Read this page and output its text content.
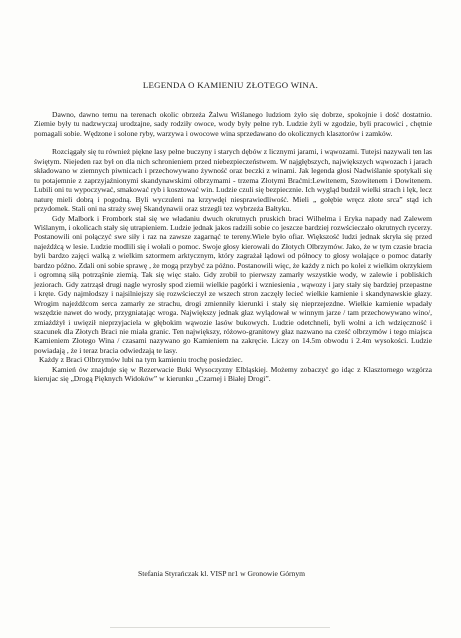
LEGENDA O KAMIENIU ZŁOTEGO WINA.

Dawno, dawno temu na terenach okolic obrzeża Żalwu Wiślanego ludziom żyło się dobrze, spokojnie i dość dostatnio. Ziemie były tu nadzwyczaj urodzajne, sady rodziły owoce, wody były pełne ryb. Ludzie żyli w zgodzie, byli pracowici , chętnie pomagali sobie. Wędzone i solone ryby, warzywa i owocowe wina sprzedawano do okolicznych klasztorów i zamków.

Rozciągały się tu również piękne lasy pełne buczyny i starych dębów z licznymi jarami, i wąwozami. Tutejsi nazywali ten las świętym. Niejeden raz był on dla nich schronieniem przed niebezpieczeństwem. W najgłębszych, największych wąwozach i jarach składowano w ziemnych piwnicach i przechowywano żywność oraz beczki z winami. Jak legenda głosi Nadwiślanie spotykali się tu potajemnie z zaprzyjaźnionymi skandynawskimi olbrzymami - trzema Złotymi Braćmi:Lewitenem, Szowitenem i Dowitenem. Lubili oni tu wypoczywać, smakować ryb i kosztować win. Ludzie czuli się bezpiecznie. Ich wygląd budził wielki strach i lęk, lecz naturę mieli dobrą i pogodną. Byli wyczuleni na krzywdęi niesprawiedliwość. Mieli „ gołębie wręcz złote srca” stąd ich przydomek. Stali oni na straży swej Skandynawii oraz strzegli tez wybrzeża Bałtyku.

Gdy Malbork i Frombork stał się we władaniu dwuch okrutnych pruskich braci Wilhelma i Eryka napady nad Zalewem Wiślanym, i okolicach stały się utrapieniem. Ludzie jednak jakos radzili sobie co jeszcze bardziej rozwścieczało okrutnych rycerzy. Postanowili oni połączyć swe siły i raz na zawsze zagarnąć te tereny.Wiele było ofiar. Większość ludzi jednak skryła się przed najeźdźcą w lesie. Ludzie modlili się i wołali o pomoc. Swoje głosy kierowali do Złotych Olbrzymów. Jako, że w tym czasie bracia byli bardzo zajęci walką z wielkim sztormem arktycznym, który zagrażał lądowi od północy to głosy wołające o pomoc datarły bardzo późno. Zdali oni sobie sprawę , że mogą przybyć za późno. Postanowili więc, że każdy z nich po kolei z wielkim okrzykiem i ogromną siłą potrząśnie ziemią. Tak się więc stało. Gdy zrobił to pierwszy zamarły wszystkie wody, w zalewie i pobliskich jeziorach. Gdy zatrząsł drugi nagle wyrosły spod ziemii wielkie pagórki i wzniesienia , wąwozy i jary stały się bardziej przepastne i kręte. Gdy najmłodszy i najsilniejszy się rozwścieczył ze wszech stron zaczęły lecieć wielkie kamienie i skandynawskie głazy. Wrogim najeźdźcom serca zamarły ze strachu, drogi zmienniły kierunki i stały się nieprzejezdne. Wielkie kamienie wpadały wszędzie nawet do wody, przygniatając wroga. Największy jednak głaz wylądował w winnym jarze / tam przechowywano wino/, zmiażdżył i uwięził nieprzyjaciela w głębokim wąwozie lasów bukowych. Ludzie odetchneli, byli wolni a ich wdzięczność i szacunek dla Złotych Braci nie miała granic. Ten największy, różowo-granitowy głaz nazwano na cześć olbrzymów i tego miajsca Kamieniem Złotego Wina / czasami nazywano go Kamieniem na zakręcie. Liczy on 14.5m obwodu i 2.4m wysokości. Ludzie powiadają , że i teraz bracia odwiedzają te lasy.

Każdy z Braci Olbrzymów lubi na tym kamieniu trochę posiedziec.

Kamień ów znajduje się w Rezerwacie Buki Wysoczyzny Elbląskiej. Możemy zobaczyć go idąc z Klasztornego wzgórza kierujac się „Drogą Pięknych Widoków” w kierunku „Czarnej i Białej Drogi”.

Stefania Styrańczak kl. VISP nr1 w Gronowie Górnym
